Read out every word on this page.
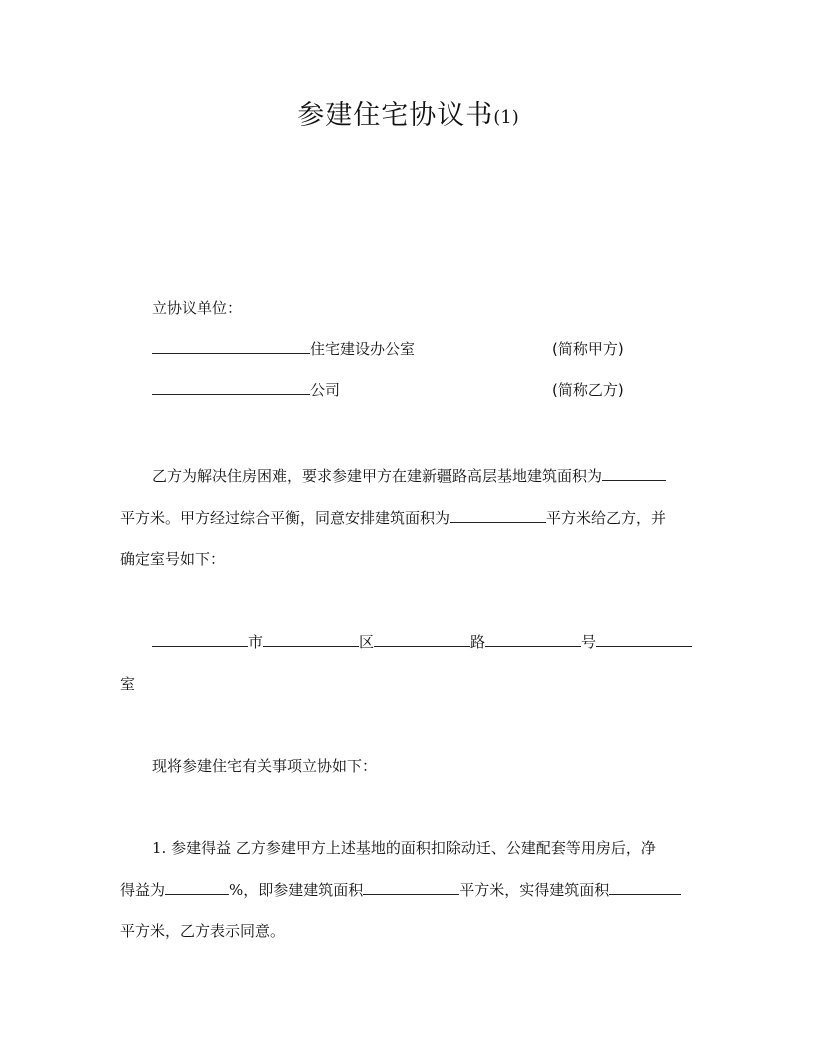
参建住宅协议书(1)
立协议单位：
住宅建设办公室	(简称甲方)
公司	(简称乙方)
乙方为解决住房困难，要求参建甲方在建新疆路高层基地建筑面积为
平方米。甲方经过综合平衡，同意安排建筑面积为	平方米给乙方，并
确定室号如下：
市	区	路	号
室
现将参建住宅有关事项立协如下：
1. 参建得益 乙方参建甲方上述基地的面积扣除动迁、公建配套等用房后，净
得益为	%，即参建建筑面积	平方米，实得建筑面积
平方米，乙方表示同意。
